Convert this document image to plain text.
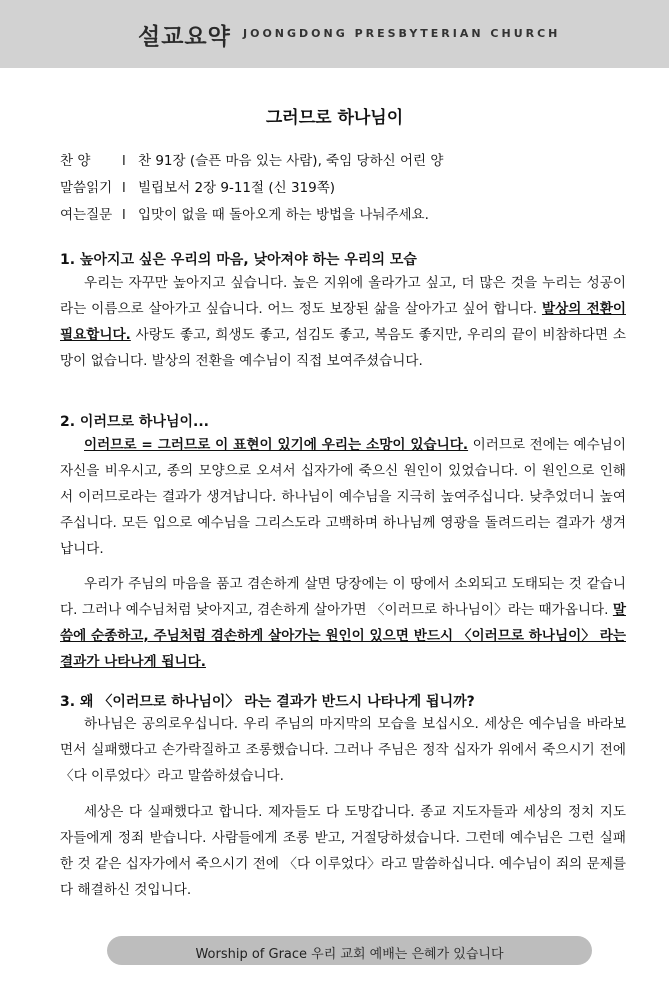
설교요약 JOONGDONG PRESBYTERIAN CHURCH
그러므로 하나님이
찬 양 l 찬 91장 (슬픈 마음 있는 사람), 죽임 당하신 어린 양
말씀읽기 l 빌립보서 2장 9-11절 (신 319쪽)
여는질문 l 입맛이 없을 때 돌아오게 하는 방법을 나눠주세요.
1. 높아지고 싶은 우리의 마음, 낮아져야 하는 우리의 모습

우리는 자꾸만 높아지고 싶습니다. 높은 지위에 올라가고 싶고, 더 많은 것을 누리는 성공이라는 이름으로 살아가고 싶습니다. 어느 정도 보장된 삶을 살아가고 싶어 합니다. 발상의 전환이 필요합니다. 사랑도 좋고, 희생도 좋고, 섬김도 좋고, 복음도 좋지만, 우리의 끝이 비참하다면 소망이 없습니다. 발상의 전환을 예수님이 직접 보여주셨습니다.

2. 이러므로 하나님이...

이러므로 = 그러므로 이 표현이 있기에 우리는 소망이 있습니다. 이러므로 전에는 예수님이 자신을 비우시고, 종의 모양으로 오셔서 십자가에 죽으신 원인이 있었습니다. 이 원인으로 인해서 이러므로라는 결과가 생겨납니다. 하나님이 예수님을 지극히 높여주십니다. 낮추었더니 높여주십니다. 모든 입으로 예수님을 그리스도라 고백하며 하나님께 영광을 돌려드리는 결과가 생겨납니다.

우리가 주님의 마음을 품고 겸손하게 살면 당장에는 이 땅에서 소외되고 도태되는 것 같습니다. 그러나 예수님처럼 낮아지고, 겸손하게 살아가면 〈이러므로 하나님이〉라는 때가옵니다. 말씀에 순종하고, 주님처럼 겸손하게 살아가는 원인이 있으면 반드시 〈이러므로 하나님이〉 라는 결과가 나타나게 됩니다.

3. 왜 〈이러므로 하나님이〉 라는 결과가 반드시 나타나게 됩니까?

하나님은 공의로우십니다. 우리 주님의 마지막의 모습을 보십시오. 세상은 예수님을 바라보면서 실패했다고 손가락질하고 조롱했습니다. 그러나 주님은 정작 십자가 위에서 죽으시기 전에 〈다 이루었다〉라고 말씀하셨습니다.

세상은 다 실패했다고 합니다. 제자들도 다 도망갑니다. 종교 지도자들과 세상의 정치 지도자들에게 정죄 받습니다. 사람들에게 조롱 받고, 거절당하셨습니다. 그런데 예수님은 그런 실패한 것 같은 십자가에서 죽으시기 전에 〈다 이루었다〉라고 말씀하십니다. 예수님이 죄의 문제를 다 해결하신 것입니다.

Worship of Grace 우리 교회 예배는 은혜가 있습니다
